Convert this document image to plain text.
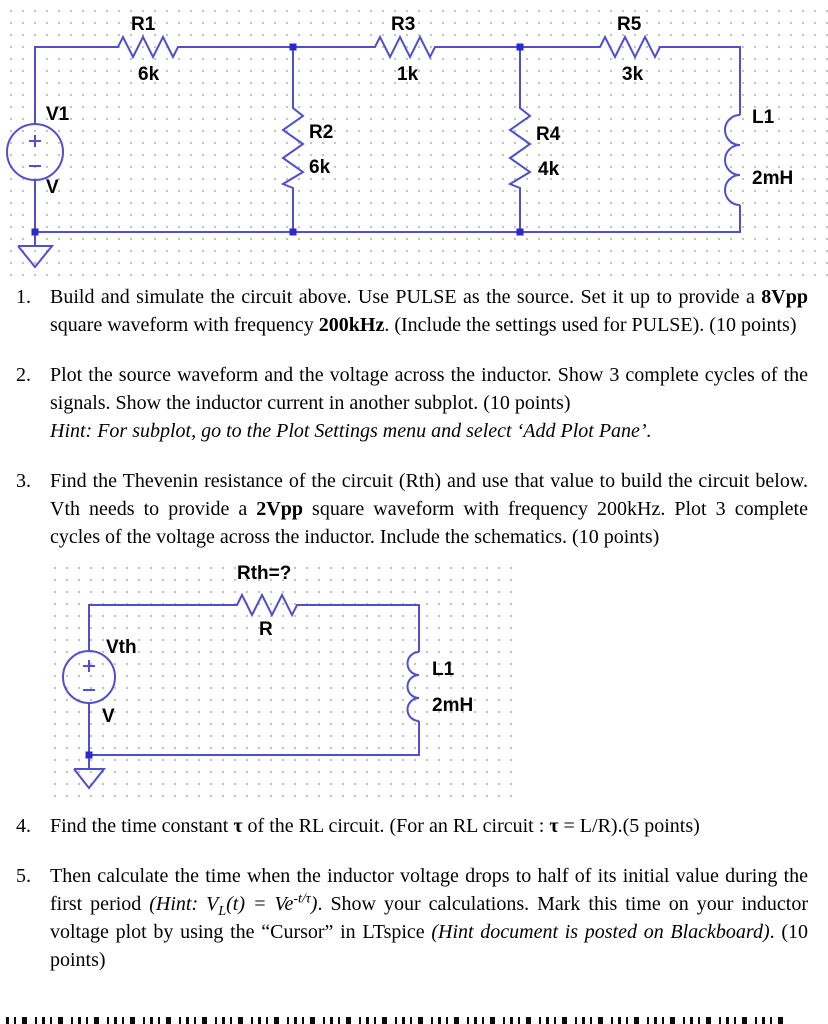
R1
6k
R3
1k
R5
3k
V1
V
R2
6k
R4
4k
L1
2mH
1. Build and simulate the circuit above. Use PULSE as the source. Set it up to provide a 8Vpp square waveform with frequency 200kHz. (Include the settings used for PULSE). (10 points)
2. Plot the source waveform and the voltage across the inductor. Show 3 complete cycles of the signals. Show the inductor current in another subplot. (10 points)
Hint: For subplot, go to the Plot Settings menu and select ‘Add Plot Pane’.
3. Find the Thevenin resistance of the circuit (Rth) and use that value to build the circuit below. Vth needs to provide a 2Vpp square waveform with frequency 200kHz. Plot 3 complete cycles of the voltage across the inductor. Include the schematics. (10 points)
Rth=?
R
Vth
V
L1
2mH
4. Find the time constant τ of the RL circuit. (For an RL circuit : τ = L/R).(5 points)
5. Then calculate the time when the inductor voltage drops to half of its initial value during the first period (Hint: $V_L(t) = Ve^{-t/\tau}$). Show your calculations. Mark this time on your inductor voltage plot by using the “Cursor” in LTspice (Hint document is posted on Blackboard). (10 points)
